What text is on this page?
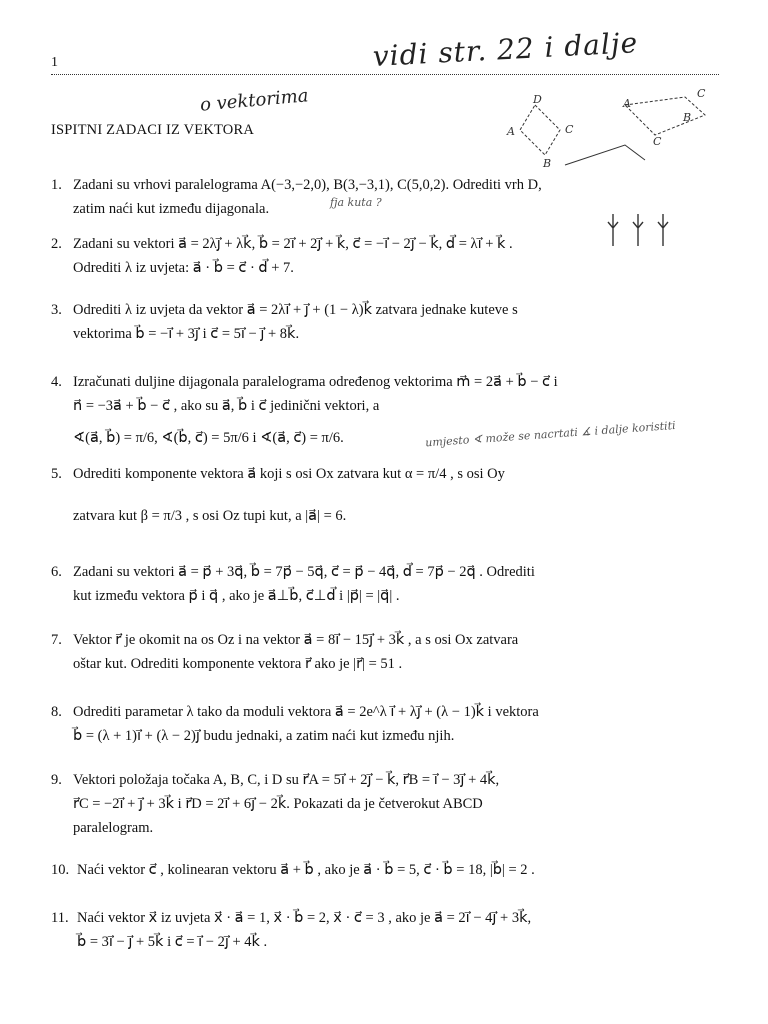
1	vidi str. 22 i dalje
o vektorima	D
C
A
B
A
C
B
C
ISPITNI ZADACI IZ VEKTORA
1. Zadani su vrhovi paralelograma A(−3,−2,0), B(3,−3,1), C(5,0,2). Odrediti vrh D,
zatim naći kut između dijagonala.	fja kuta ?
2. Zadani su vektori a⃗ = 2λj⃗ + λk⃗, b⃗ = 2i⃗ + 2j⃗ + k⃗, c⃗ = −i⃗ − 2j⃗ − k⃗, d⃗ = λi⃗ + k⃗ .
Odrediti λ iz uvjeta: a⃗ · b⃗ = c⃗ · d⃗ + 7.
3. Odrediti λ iz uvjeta da vektor a⃗ = 2λi⃗ + j⃗ + (1 − λ)k⃗ zatvara jednake kuteve s
vektorima b⃗ = −i⃗ + 3j⃗ i c⃗ = 5i⃗ − j⃗ + 8k⃗.
4. Izračunati duljine dijagonala paralelograma određenog vektorima m⃗ = 2a⃗ + b⃗ − c⃗ i
n⃗ = −3a⃗ + b⃗ − c⃗ , ako su a⃗, b⃗ i c⃗ jedinični vektori, a
∢(a⃗, b⃗) = π/6, ∢(b⃗, c⃗) = 5π/6 i ∢(a⃗, c⃗) = π/6.	umjesto ∢ može se nacrtati ∡ i dalje koristiti
5. Odrediti komponente vektora a⃗ koji s osi Ox zatvara kut α = π/4 , s osi Oy
zatvara kut β = π/3 , s osi Oz tupi kut, a |a⃗| = 6.
6. Zadani su vektori a⃗ = p⃗ + 3q⃗, b⃗ = 7p⃗ − 5q⃗, c⃗ = p⃗ − 4q⃗, d⃗ = 7p⃗ − 2q⃗ . Odrediti
kut između vektora p⃗ i q⃗ , ako je a⃗⊥b⃗, c⃗⊥d⃗ i |p⃗| = |q⃗| .
7. Vektor r⃗ je okomit na os Oz i na vektor a⃗ = 8i⃗ − 15j⃗ + 3k⃗ , a s osi Ox zatvara
oštar kut. Odrediti komponente vektora r⃗ ako je |r⃗| = 51 .
8. Odrediti parametar λ tako da moduli vektora a⃗ = 2e^λ i⃗ + λj⃗ + (λ − 1)k⃗ i vektora
b⃗ = (λ + 1)i⃗ + (λ − 2)j⃗ budu jednaki, a zatim naći kut između njih.
9. Vektori položaja točaka A, B, C, i D su r⃗A = 5i⃗ + 2j⃗ − k⃗, r⃗B = i⃗ − 3j⃗ + 4k⃗,
r⃗C = −2i⃗ + j⃗ + 3k⃗ i r⃗D = 2i⃗ + 6j⃗ − 2k⃗. Pokazati da je četverokut ABCD
paralelogram.
10. Naći vektor c⃗ , kolinearan vektoru a⃗ + b⃗ , ako je a⃗ · b⃗ = 5, c⃗ · b⃗ = 18, |b⃗| = 2 .
11. Naći vektor x⃗ iz uvjeta x⃗ · a⃗ = 1, x⃗ · b⃗ = 2, x⃗ · c⃗ = 3 , ako je a⃗ = 2i⃗ − 4j⃗ + 3k⃗,
b⃗ = 3i⃗ − j⃗ + 5k⃗ i c⃗ = i⃗ − 2j⃗ + 4k⃗ .
